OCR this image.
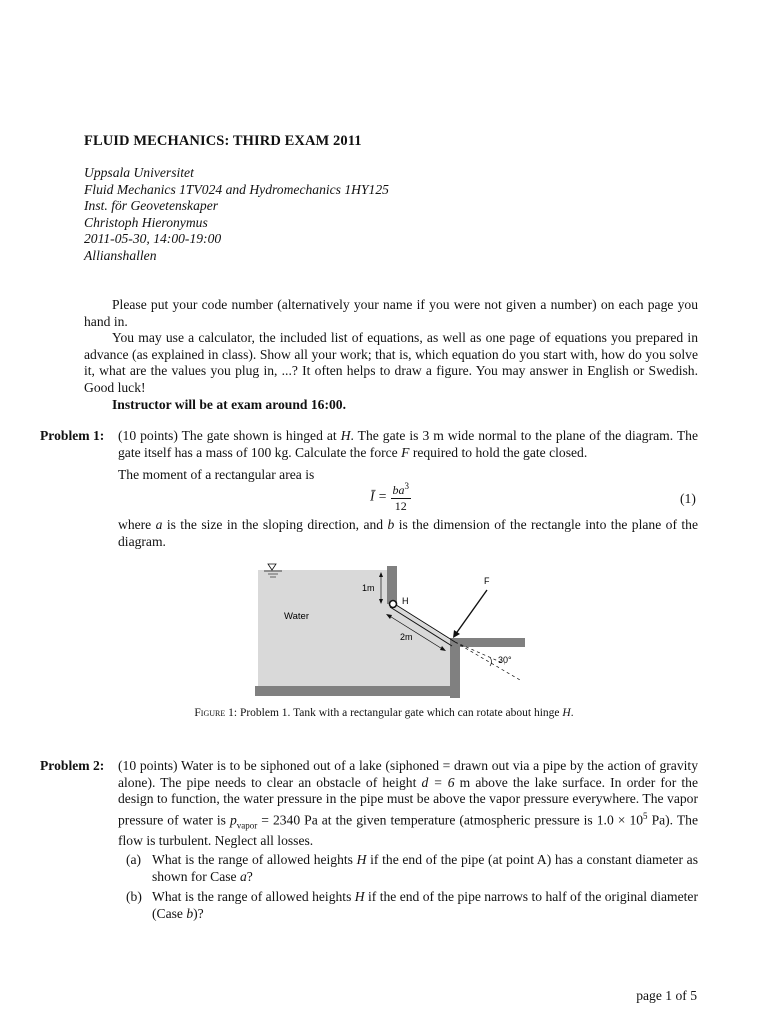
FLUID MECHANICS: THIRD EXAM 2011
Uppsala Universitet
Fluid Mechanics 1TV024 and Hydromechanics 1HY125
Inst. för Geovetenskaper
Christoph Hieronymus
2011-05-30, 14:00-19:00
Allianshallen
Please put your code number (alternatively your name if you were not given a number) on each page you hand in.
You may use a calculator, the included list of equations, as well as one page of equations you prepared in advance (as explained in class). Show all your work; that is, which equation do you start with, how do you solve it, what are the values you plug in, ...? It often helps to draw a figure. You may answer in English or Swedish. Good luck!
Instructor will be at exam around 16:00.
Problem 1: (10 points) The gate shown is hinged at H. The gate is 3 m wide normal to the plane of the diagram. The gate itself has a mass of 100 kg. Calculate the force F required to hold the gate closed.
The moment of a rectangular area is
Ī = $\frac{ba^3}{12}$	(1)
where a is the size in the sloping direction, and b is the dimension of the rectangle into the plane of the diagram.
Water
1m
H
2m
F
30°
Figure 1: Problem 1. Tank with a rectangular gate which can rotate about hinge H.
Problem 2: (10 points) Water is to be siphoned out of a lake (siphoned = drawn out via a pipe by the action of gravity alone). The pipe needs to clear an obstacle of height d = 6 m above the lake surface. In order for the design to function, the water pressure in the pipe must be above the vapor pressure everywhere. The vapor pressure of water is $p_{vapor} = 2340$ Pa at the given temperature (atmospheric pressure is $1.0 \times 10^5$ Pa). The flow is turbulent. Neglect all losses.
(a) What is the range of allowed heights H if the end of the pipe (at point A) has a constant diameter as shown for Case a?
(b) What is the range of allowed heights H if the end of the pipe narrows to half of the original diameter (Case b)?
page 1 of 5
